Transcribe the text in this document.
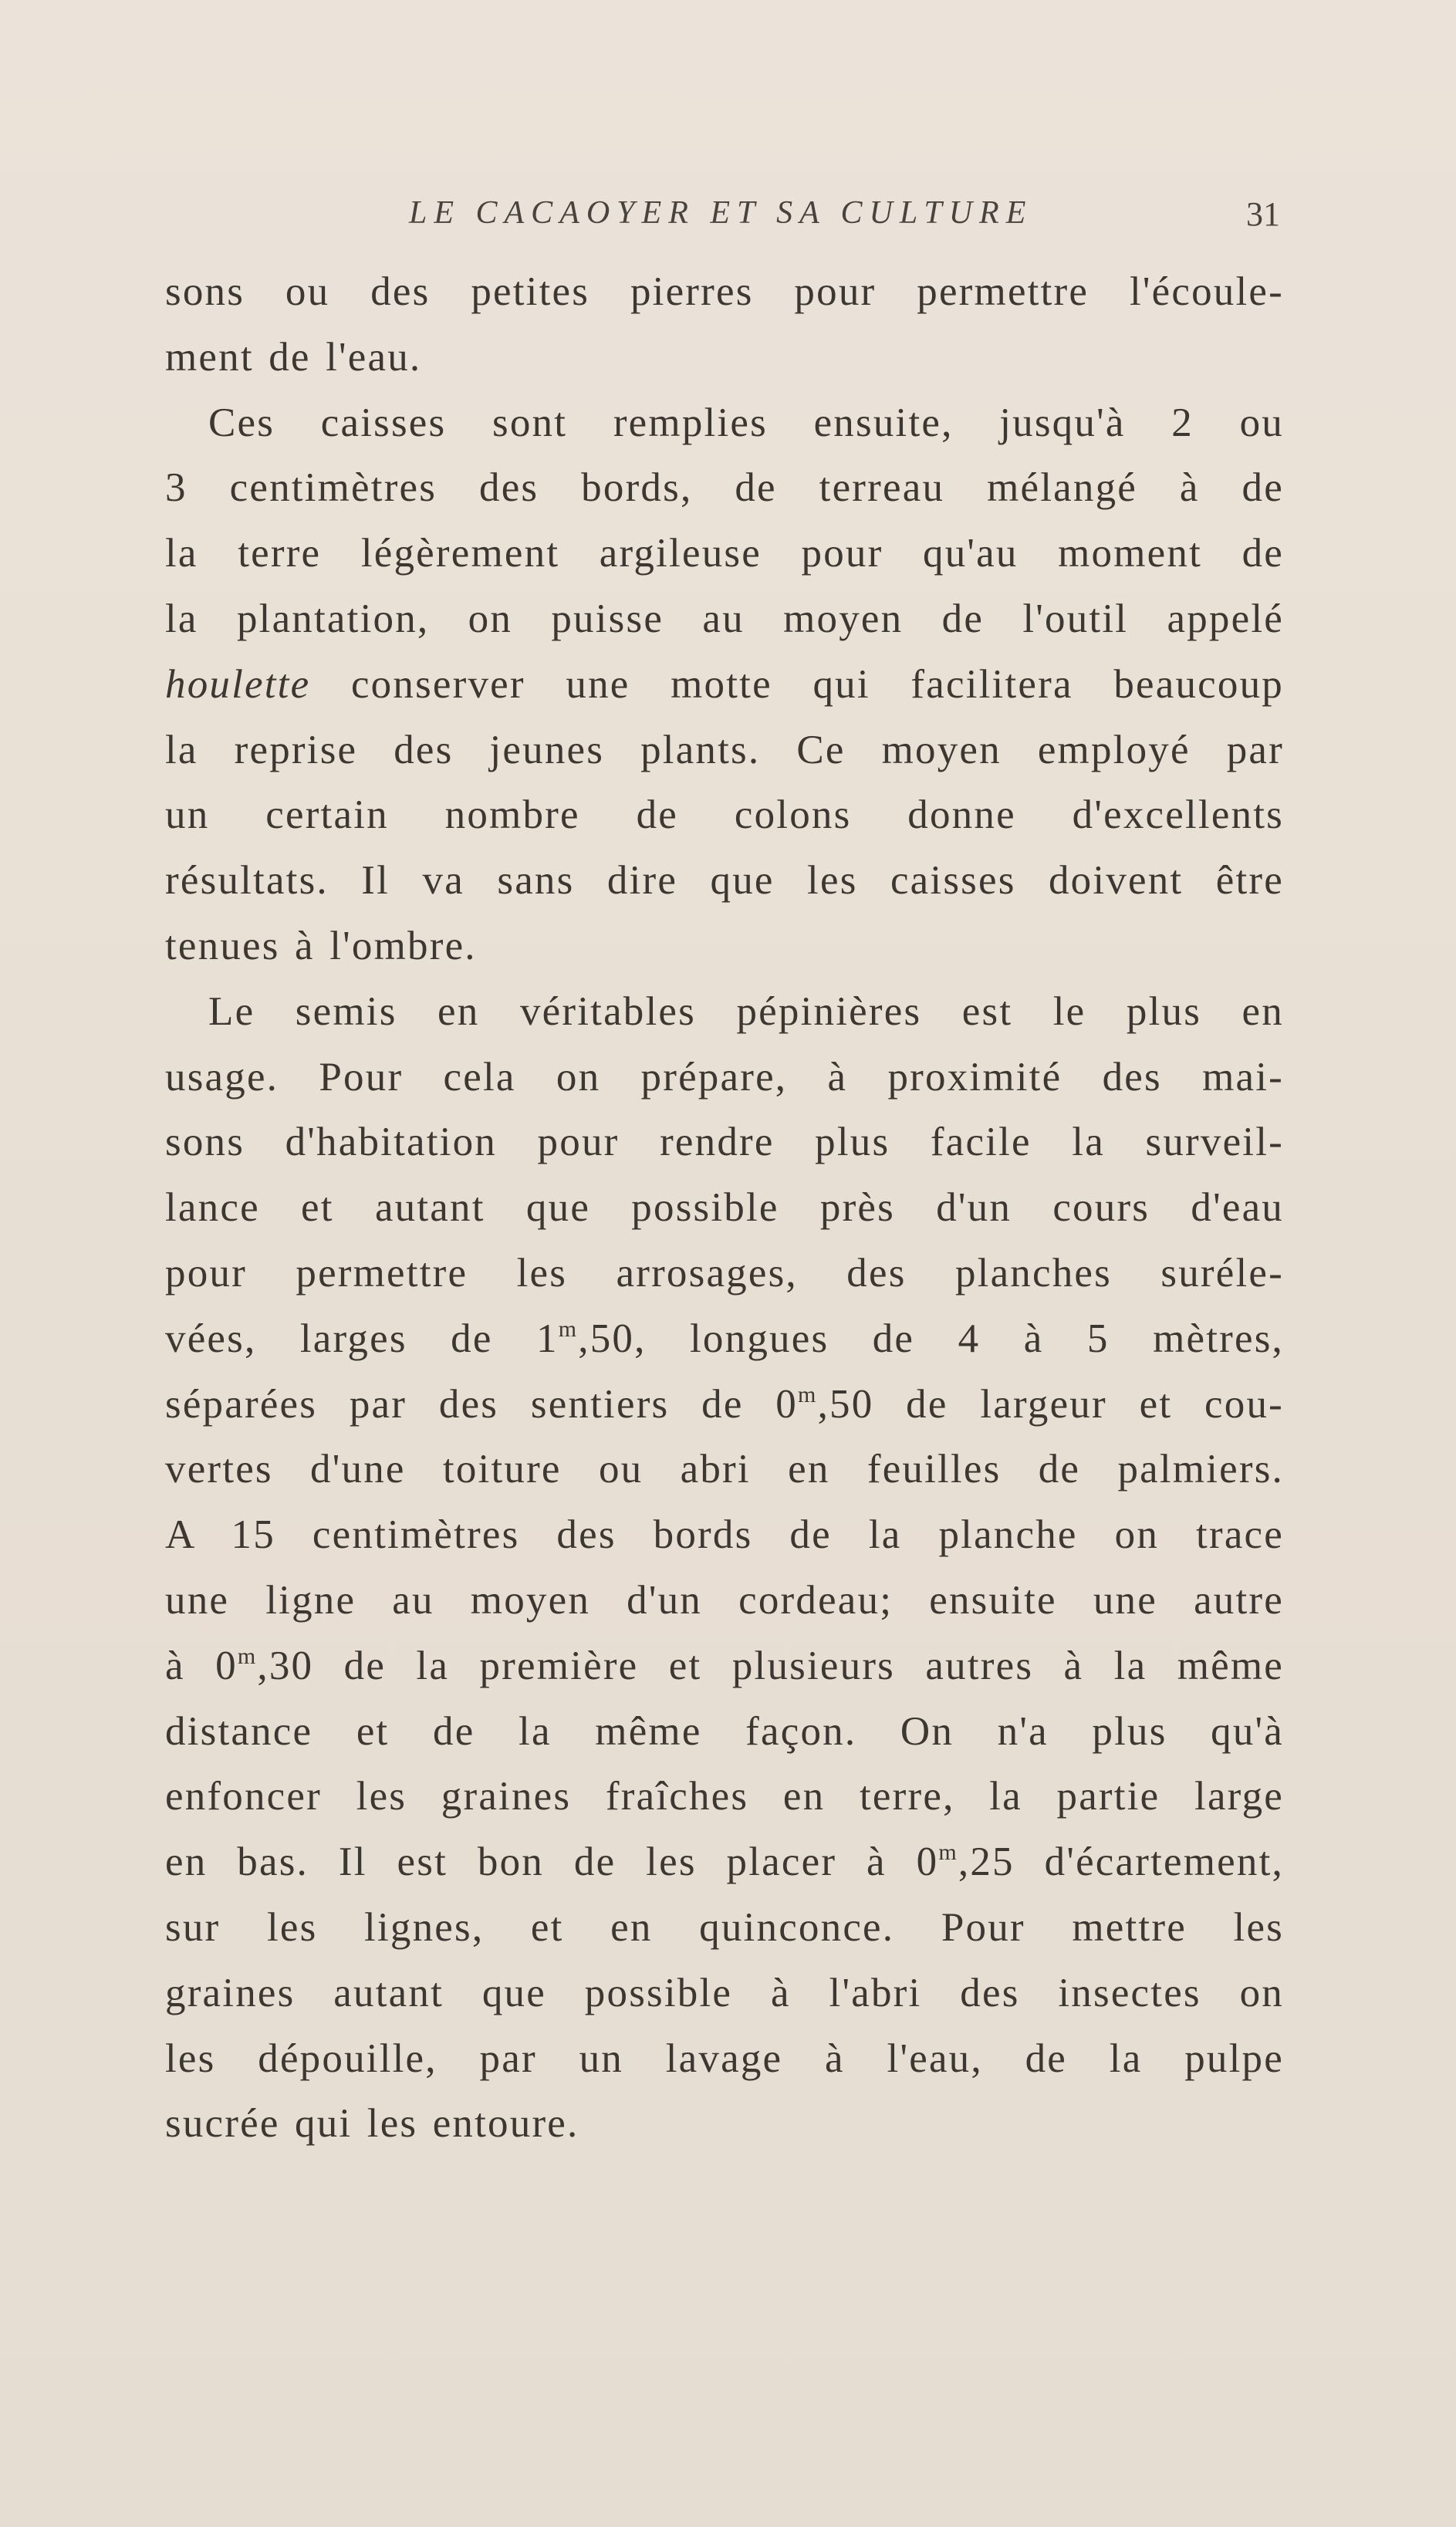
LE CACAOYER ET SA CULTURE	31
sons ou des petites pierres pour permettre l'écoule-
ment de l'eau.
Ces caisses sont remplies ensuite, jusqu'à 2 ou
3 centimètres des bords, de terreau mélangé à de
la terre légèrement argileuse pour qu'au moment de
la plantation, on puisse au moyen de l'outil appelé
houlette conserver une motte qui facilitera beaucoup
la reprise des jeunes plants. Ce moyen employé par
un certain nombre de colons donne d'excellents
résultats. Il va sans dire que les caisses doivent être
tenues à l'ombre.
Le semis en véritables pépinières est le plus en
usage. Pour cela on prépare, à proximité des mai-
sons d'habitation pour rendre plus facile la surveil-
lance et autant que possible près d'un cours d'eau
pour permettre les arrosages, des planches suréle-
vées, larges de 1$^m$,50, longues de 4 à 5 mètres,
séparées par des sentiers de 0$^m$,50 de largeur et cou-
vertes d'une toiture ou abri en feuilles de palmiers.
A 15 centimètres des bords de la planche on trace
une ligne au moyen d'un cordeau; ensuite une autre
à 0$^m$,30 de la première et plusieurs autres à la même
distance et de la même façon. On n'a plus qu'à
enfoncer les graines fraîches en terre, la partie large
en bas. Il est bon de les placer à 0$^m$,25 d'écartement,
sur les lignes, et en quinconce. Pour mettre les
graines autant que possible à l'abri des insectes on
les dépouille, par un lavage à l'eau, de la pulpe
sucrée qui les entoure.
